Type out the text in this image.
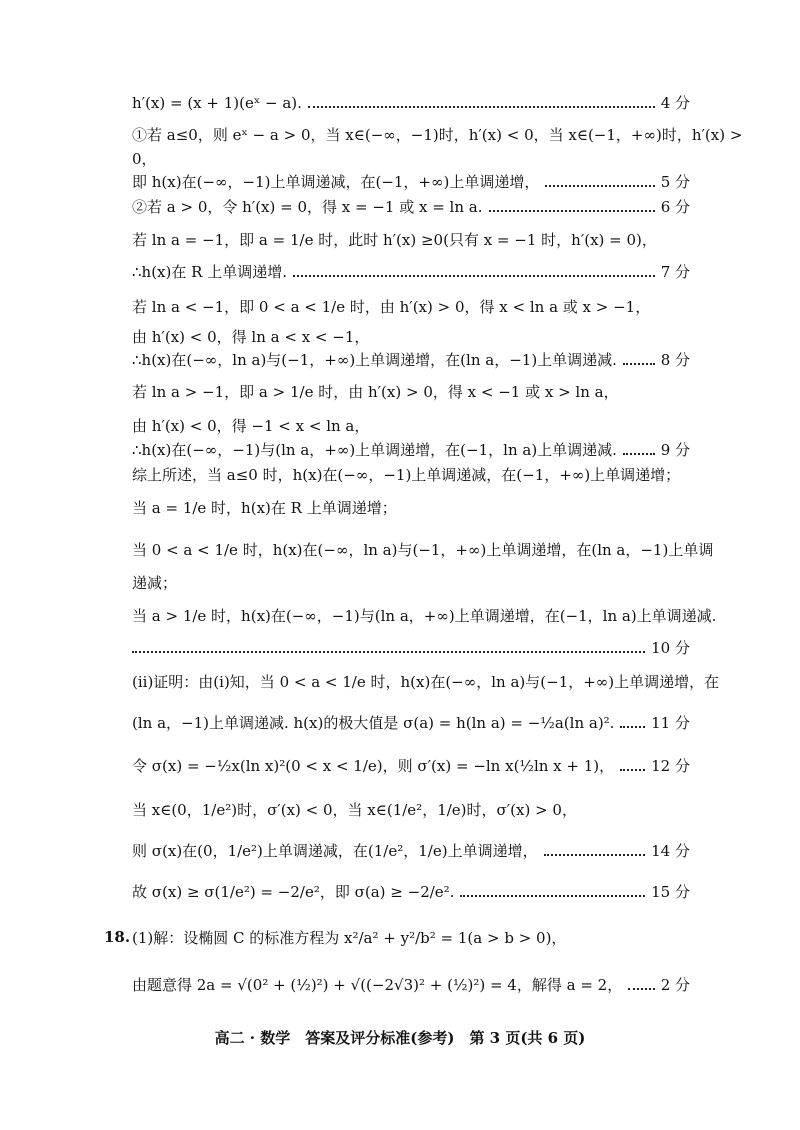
h′(x) = (x + 1)(eˣ − a).	4 分
①若 a≤0，则 eˣ − a > 0，当 x∈(−∞，−1)时，h′(x) < 0，当 x∈(−1，+∞)时，h′(x) >
0，
即 h(x)在(−∞，−1)上单调递减，在(−1，+∞)上单调递增，	5 分
②若 a > 0，令 h′(x) = 0，得 x = −1 或 x = ln a.	6 分
若 ln a = −1，即 a = 1/e 时，此时 h′(x) ≥0(只有 x = −1 时，h′(x) = 0)，
∴h(x)在 R 上单调递增.	7 分
若 ln a < −1，即 0 < a < 1/e 时，由 h′(x) > 0，得 x < ln a 或 x > −1，
由 h′(x) < 0，得 ln a < x < −1，
∴h(x)在(−∞，ln a)与(−1，+∞)上单调递增，在(ln a，−1)上单调递减.	8 分
若 ln a > −1，即 a > 1/e 时，由 h′(x) > 0，得 x < −1 或 x > ln a，
由 h′(x) < 0，得 −1 < x < ln a，
∴h(x)在(−∞，−1)与(ln a，+∞)上单调递增，在(−1，ln a)上单调递减.	9 分
综上所述，当 a≤0 时，h(x)在(−∞，−1)上单调递减，在(−1，+∞)上单调递增；
当 a = 1/e 时，h(x)在 R 上单调递增；
当 0 < a < 1/e 时，h(x)在(−∞，ln a)与(−1，+∞)上单调递增，在(ln a，−1)上单调
递减；
当 a > 1/e 时，h(x)在(−∞，−1)与(ln a，+∞)上单调递增，在(−1，ln a)上单调递减.
10 分
(ii)证明：由(i)知，当 0 < a < 1/e 时，h(x)在(−∞，ln a)与(−1，+∞)上单调递增，在
(ln a，−1)上单调递减. h(x)的极大值是 σ(a) = h(ln a) = −½a(ln a)². 11 分
令 σ(x) = −½x(ln x)²(0 < x < 1/e)，则 σ′(x) = −ln x(½ln x + 1)， 12 分
当 x∈(0，1/e²)时，σ′(x) < 0，当 x∈(1/e²，1/e)时，σ′(x) > 0，
则 σ(x)在(0，1/e²)上单调递减，在(1/e²，1/e)上单调递增，	14 分
故 σ(x) ≥ σ(1/e²) = −2/e²，即 σ(a) ≥ −2/e².	15 分
18. (1)解：设椭圆 C 的标准方程为 x²/a² + y²/b² = 1(a > b > 0)，
由题意得 2a = √(0² + (½)²) + √((−2√3)² + (½)²) = 4，解得 a = 2，	2 分
高二 · 数学　答案及评分标准(参考)　第 3 页(共 6 页)
